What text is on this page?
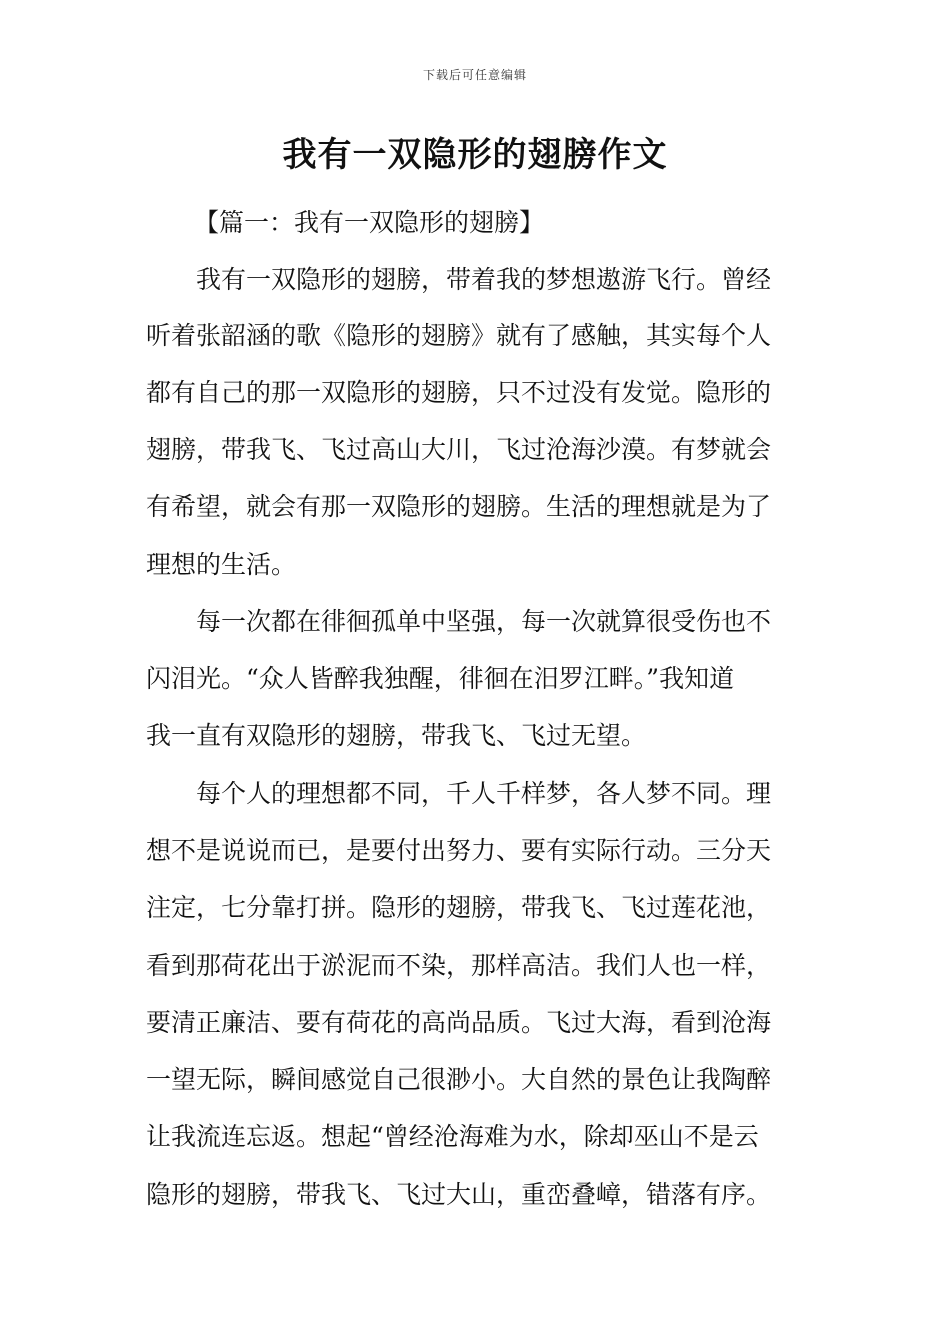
下载后可任意编辑
我有一双隐形的翅膀作文
【篇一：我有一双隐形的翅膀】
我有一双隐形的翅膀，带着我的梦想遨游飞行。曾经
听着张韶涵的歌《隐形的翅膀》就有了感触，其实每个人
都有自己的那一双隐形的翅膀，只不过没有发觉。隐形的
翅膀，带我飞、飞过高山大川，飞过沧海沙漠。有梦就会
有希望，就会有那一双隐形的翅膀。生活的理想就是为了
理想的生活。
每一次都在徘徊孤单中坚强，每一次就算很受伤也不
闪泪光。“众人皆醉我独醒，徘徊在汨罗江畔。”我知道
我一直有双隐形的翅膀，带我飞、飞过无望。
每个人的理想都不同，千人千样梦，各人梦不同。理
想不是说说而已，是要付出努力、要有实际行动。三分天
注定，七分靠打拼。隐形的翅膀，带我飞、飞过莲花池，
看到那荷花出于淤泥而不染，那样高洁。我们人也一样，
要清正廉洁、要有荷花的高尚品质。飞过大海，看到沧海
一望无际，瞬间感觉自己很渺小。大自然的景色让我陶醉
让我流连忘返。想起“曾经沧海难为水，除却巫山不是云
隐形的翅膀，带我飞、飞过大山，重峦叠嶂，错落有序。
